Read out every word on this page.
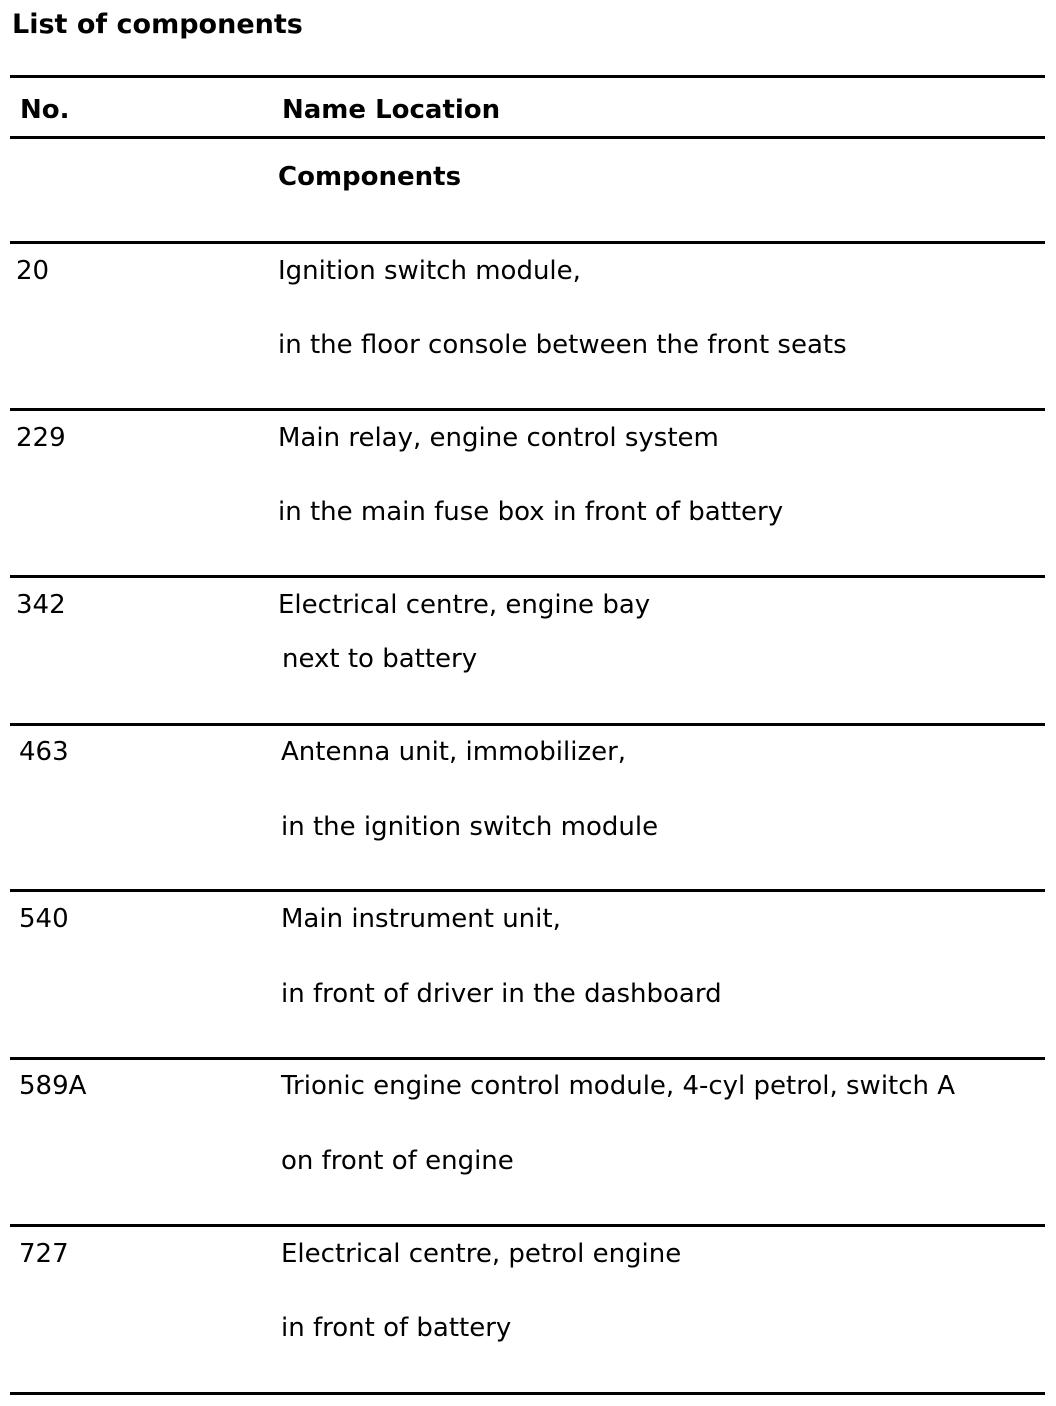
List of components
No.	Name Location
Components
20	Ignition switch module,
in the floor console between the front seats
229	Main relay, engine control system
in the main fuse box in front of battery
342	Electrical centre, engine bay
next to battery
463	Antenna unit, immobilizer,
in the ignition switch module
540	Main instrument unit,
in front of driver in the dashboard
589A	Trionic engine control module, 4-cyl petrol, switch A
on front of engine
727	Electrical centre, petrol engine
in front of battery
